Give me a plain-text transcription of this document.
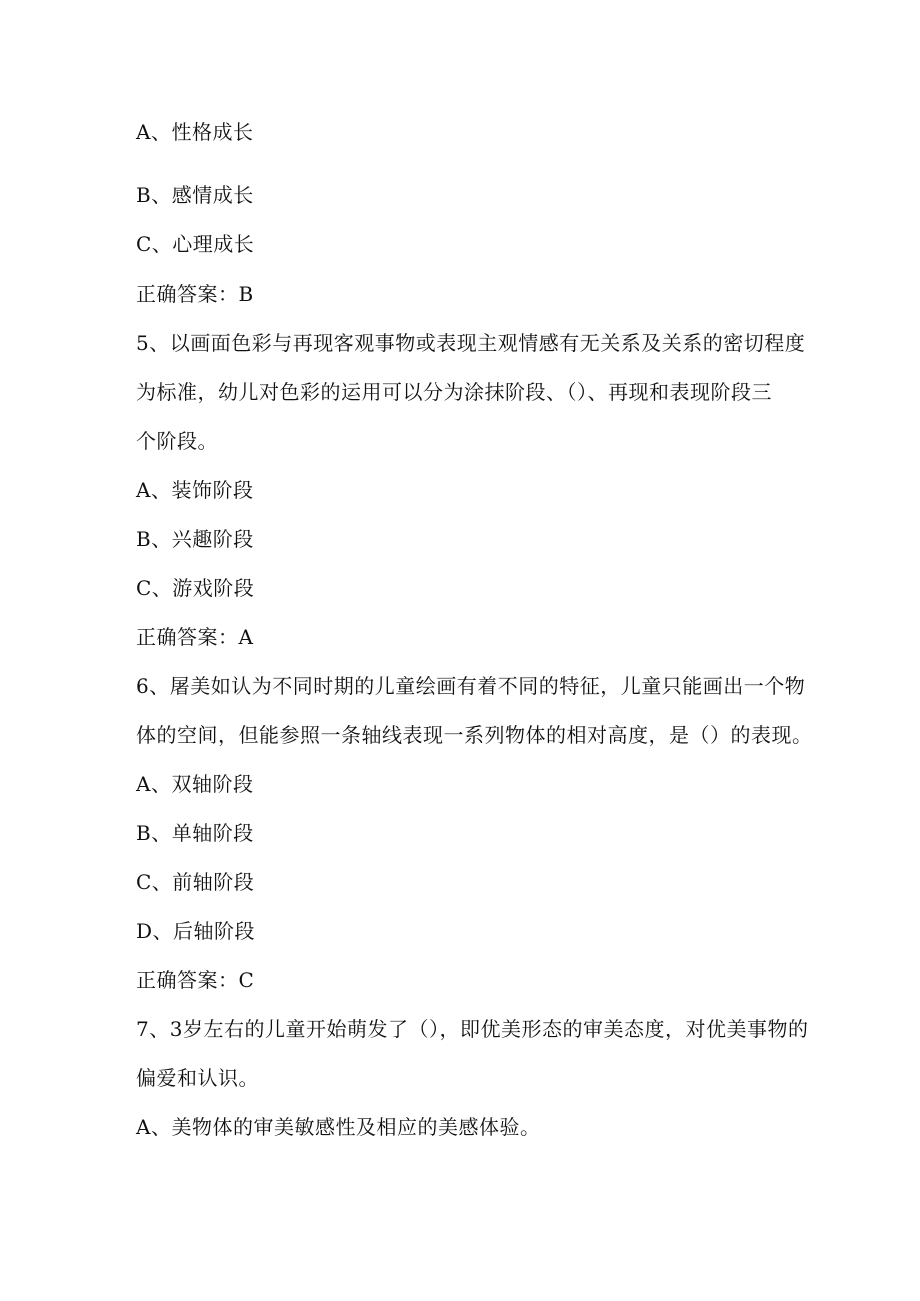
A、性格成长
B、感情成长
C、心理成长
正确答案：B
5、以画面色彩与再现客观事物或表现主观情感有无关系及关系的密切程度
为标准，幼儿对色彩的运用可以分为涂抹阶段、（）、再现和表现阶段三
个阶段。
A、装饰阶段
B、兴趣阶段
C、游戏阶段
正确答案：A
6、屠美如认为不同时期的儿童绘画有着不同的特征，儿童只能画出一个物
体的空间，但能参照一条轴线表现一系列物体的相对高度，是（）的表现。
A、双轴阶段
B、单轴阶段
C、前轴阶段
D、后轴阶段
正确答案：C
7、3岁左右的儿童开始萌发了（），即优美形态的审美态度，对优美事物的
偏爱和认识。
A、美物体的审美敏感性及相应的美感体验。
